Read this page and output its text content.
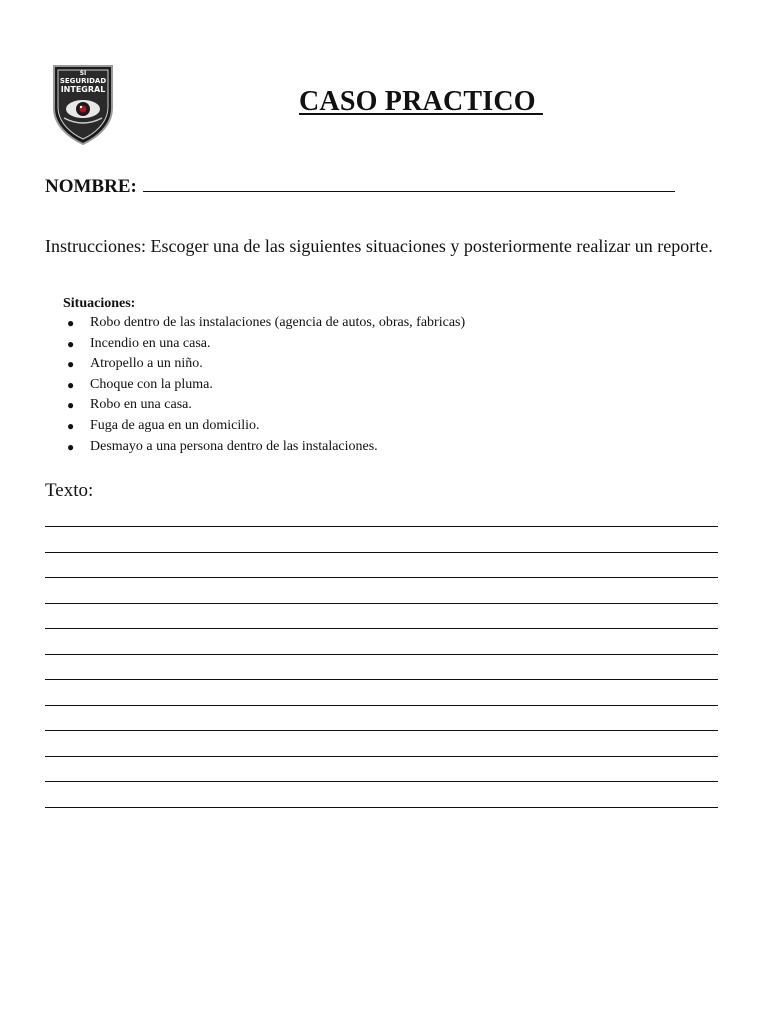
SI
SEGURIDAD
INTEGRAL	CASO PRACTICO
NOMBRE:

Instrucciones: Escoger una de las siguientes situaciones y posteriormente realizar un reporte.

Situaciones:

● Robo dentro de las instalaciones (agencia de autos, obras, fabricas)
● Incendio en una casa.
● Atropello a un niño.
● Choque con la pluma.
● Robo en una casa.
● Fuga de agua en un domicilio.
● Desmayo a una persona dentro de las instalaciones.

Texto:
